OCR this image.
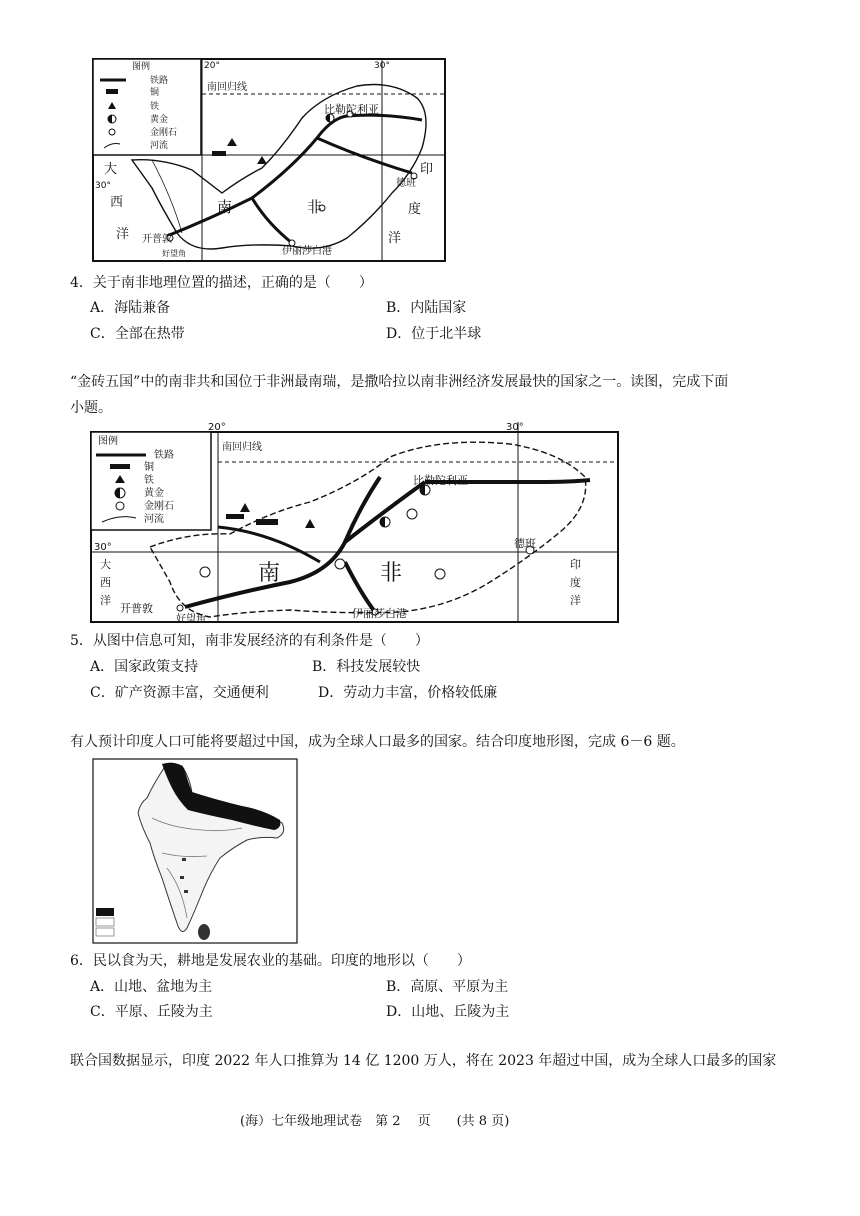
图例
铁路
铜
铁
黄金
金刚石
河流
20°	30°
30°
南回归线
南	非
比勒陀利亚
德班
开普敦
好望角	伊丽莎白港
大
西
洋
印
度
洋
4．关于南非地理位置的描述，正确的是（　　）
A．海陆兼备	B．内陆国家
C．全部在热带	D．位于北半球
“金砖五国”中的南非共和国位于非洲最南瑞，是撒哈拉以南非洲经济发展最快的国家之一。读图，完成下面
小题。
图例
铁路
铜
铁
黄金
金刚石
河流
20°	30°
30°
南回归线
南	非
比勒陀利亚
德班
开普敦
好望角	伊丽莎白港
大
西
洋
印
度
洋
5．从图中信息可知，南非发展经济的有利条件是（　　）
A．国家政策支持	B．科技发展较快
C．矿产资源丰富，交通便利	D．劳动力丰富，价格较低廉
有人预计印度人口可能将要超过中国，成为全球人口最多的国家。结合印度地形图，完成 6－6 题。
6．民以食为天，耕地是发展农业的基础。印度的地形以（　　）
A．山地、盆地为主	B．高原、平原为主
C．平原、丘陵为主	D．山地、丘陵为主
联合国数据显示，印度 2022 年人口推算为 14 亿 1200 万人，将在 2023 年超过中国，成为全球人口最多的国家
(海）七年级地理试卷　第 2　 页　　(共 8 页)
